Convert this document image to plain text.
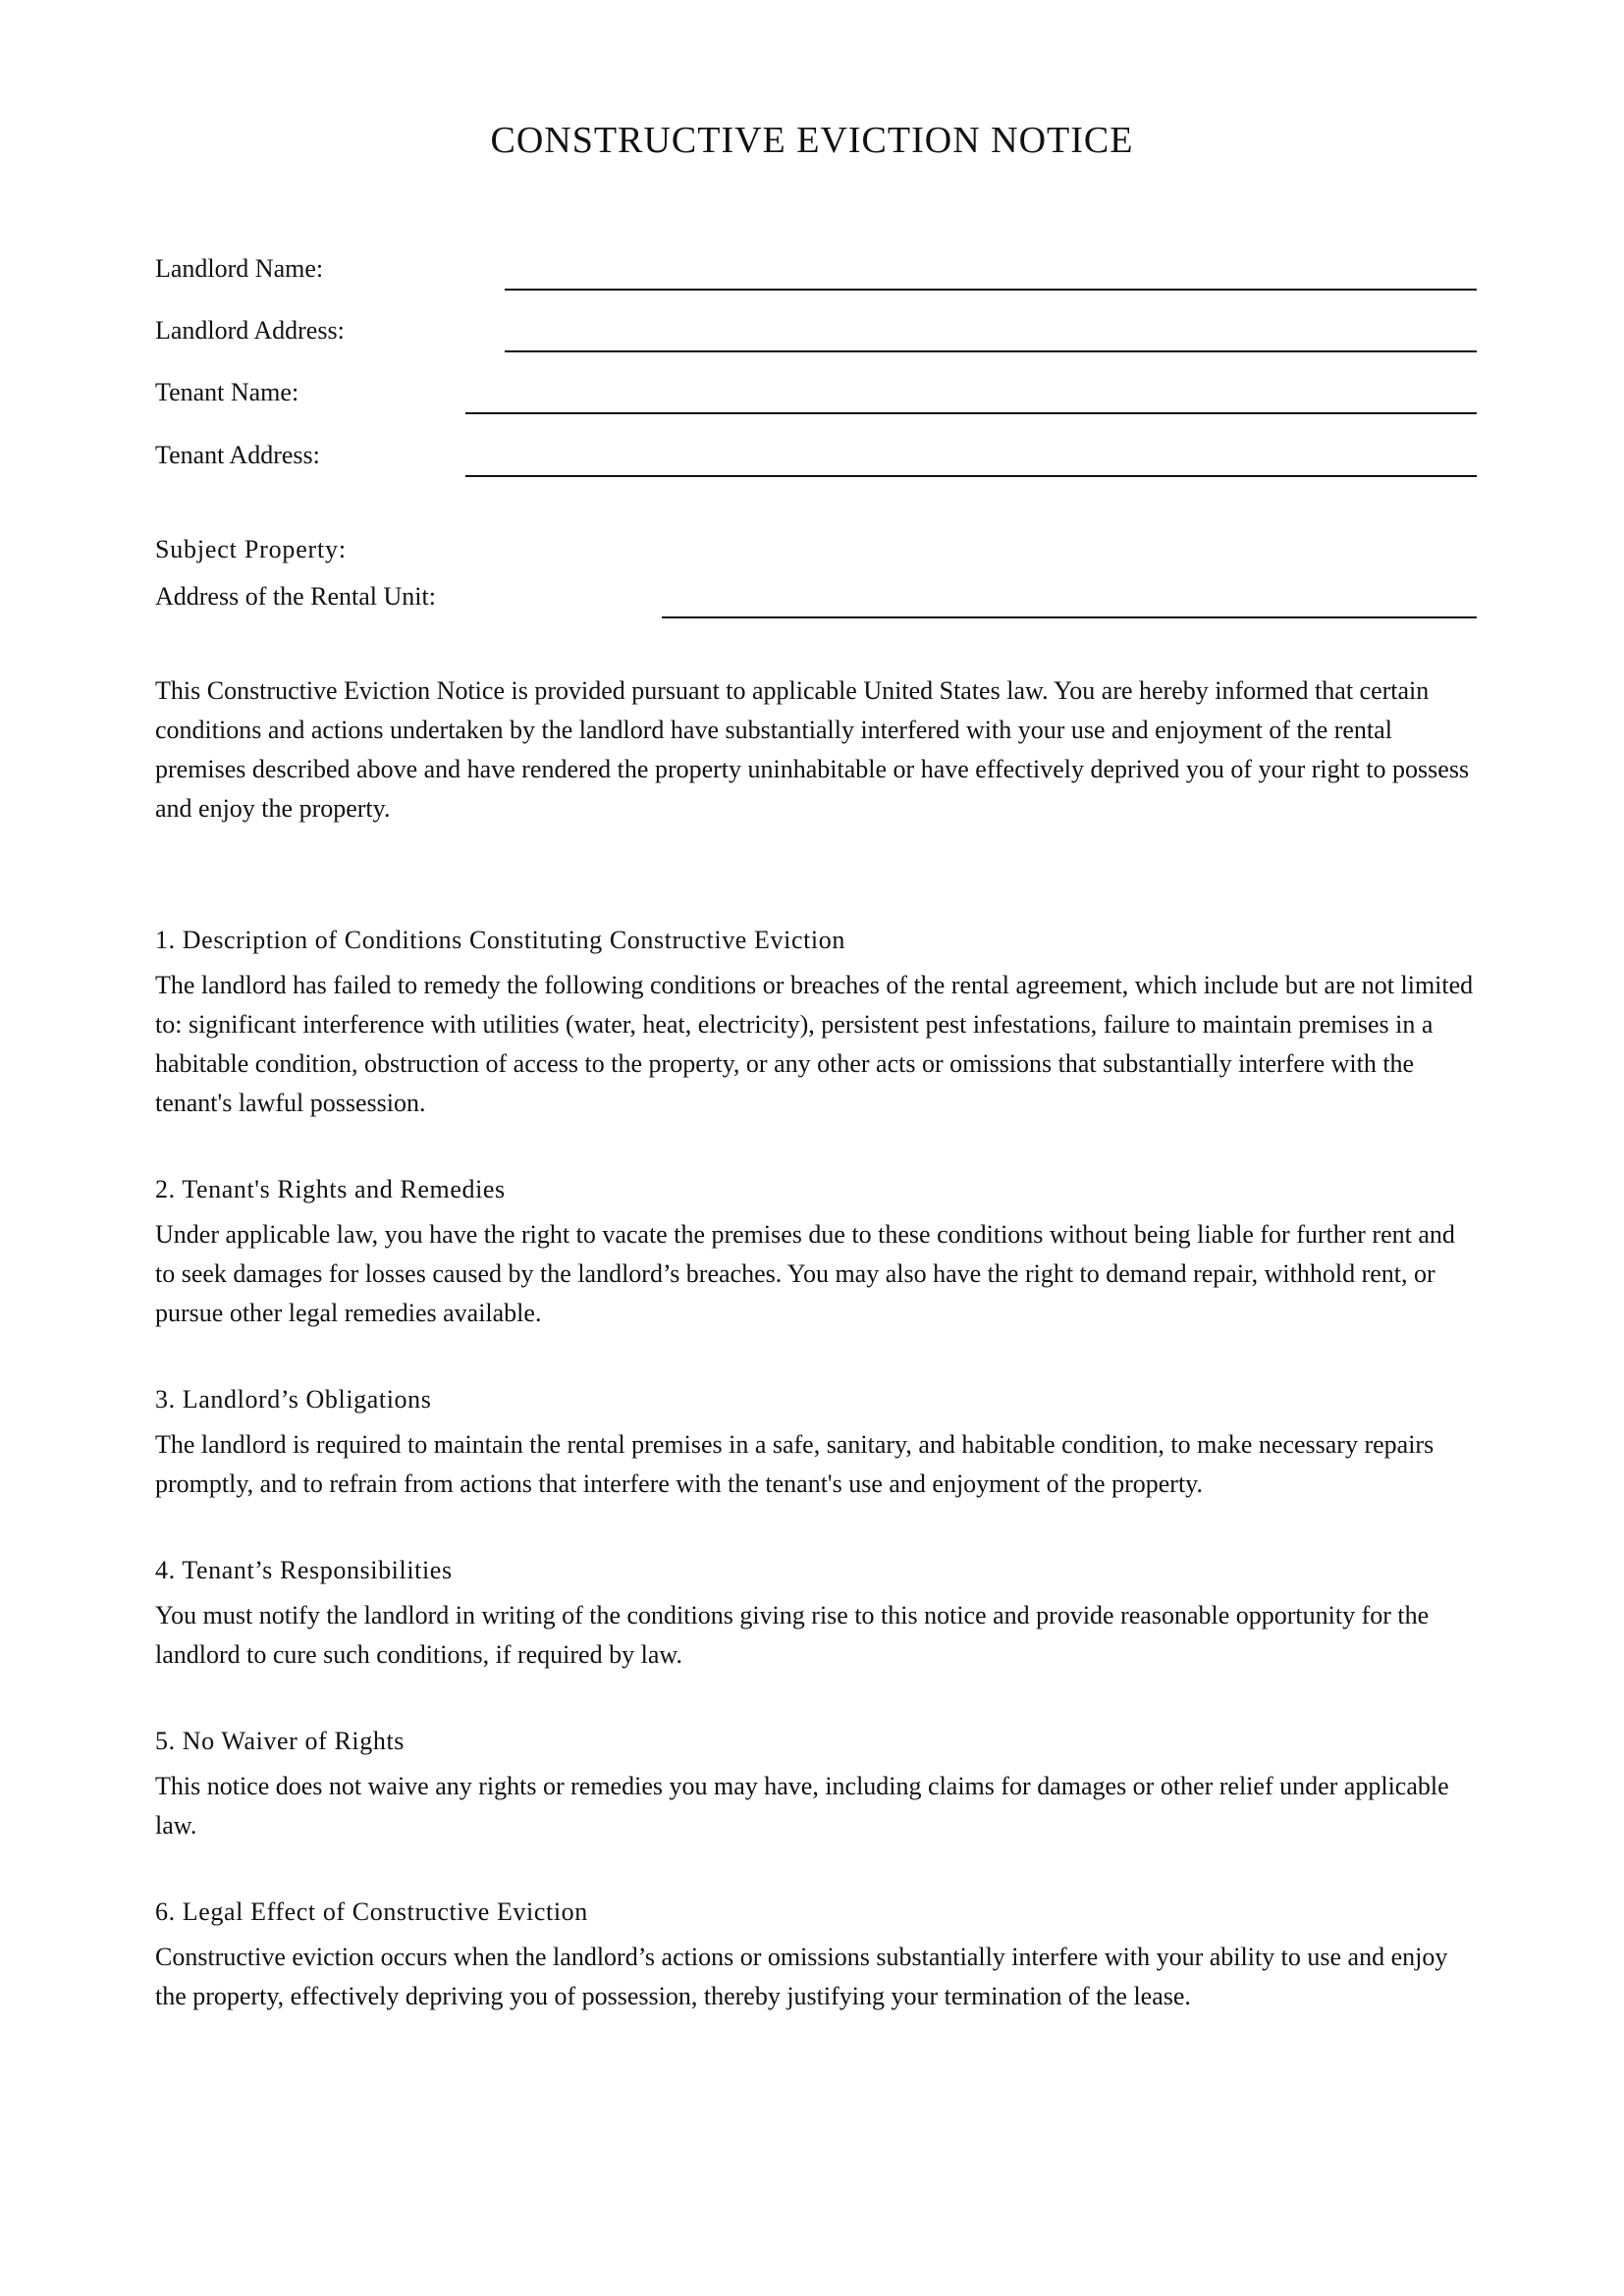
CONSTRUCTIVE EVICTION NOTICE
Landlord Name:
Landlord Address:
Tenant Name:
Tenant Address:
Subject Property:
Address of the Rental Unit:

This Constructive Eviction Notice is provided pursuant to applicable United States law. You are hereby informed that certain conditions and actions undertaken by the landlord have substantially interfered with your use and enjoyment of the rental premises described above and have rendered the property uninhabitable or have effectively deprived you of your right to possess and enjoy the property.

1. Description of Conditions Constituting Constructive Eviction

The landlord has failed to remedy the following conditions or breaches of the rental agreement, which include but are not limited to: significant interference with utilities (water, heat, electricity), persistent pest infestations, failure to maintain premises in a habitable condition, obstruction of access to the property, or any other acts or omissions that substantially interfere with the tenant's lawful possession.

2. Tenant's Rights and Remedies

Under applicable law, you have the right to vacate the premises due to these conditions without being liable for further rent and to seek damages for losses caused by the landlord’s breaches. You may also have the right to demand repair, withhold rent, or pursue other legal remedies available.

3. Landlord’s Obligations

The landlord is required to maintain the rental premises in a safe, sanitary, and habitable condition, to make necessary repairs promptly, and to refrain from actions that interfere with the tenant's use and enjoyment of the property.

4. Tenant’s Responsibilities

You must notify the landlord in writing of the conditions giving rise to this notice and provide reasonable opportunity for the landlord to cure such conditions, if required by law.

5. No Waiver of Rights

This notice does not waive any rights or remedies you may have, including claims for damages or other relief under applicable law.

6. Legal Effect of Constructive Eviction

Constructive eviction occurs when the landlord’s actions or omissions substantially interfere with your ability to use and enjoy the property, effectively depriving you of possession, thereby justifying your termination of the lease.
